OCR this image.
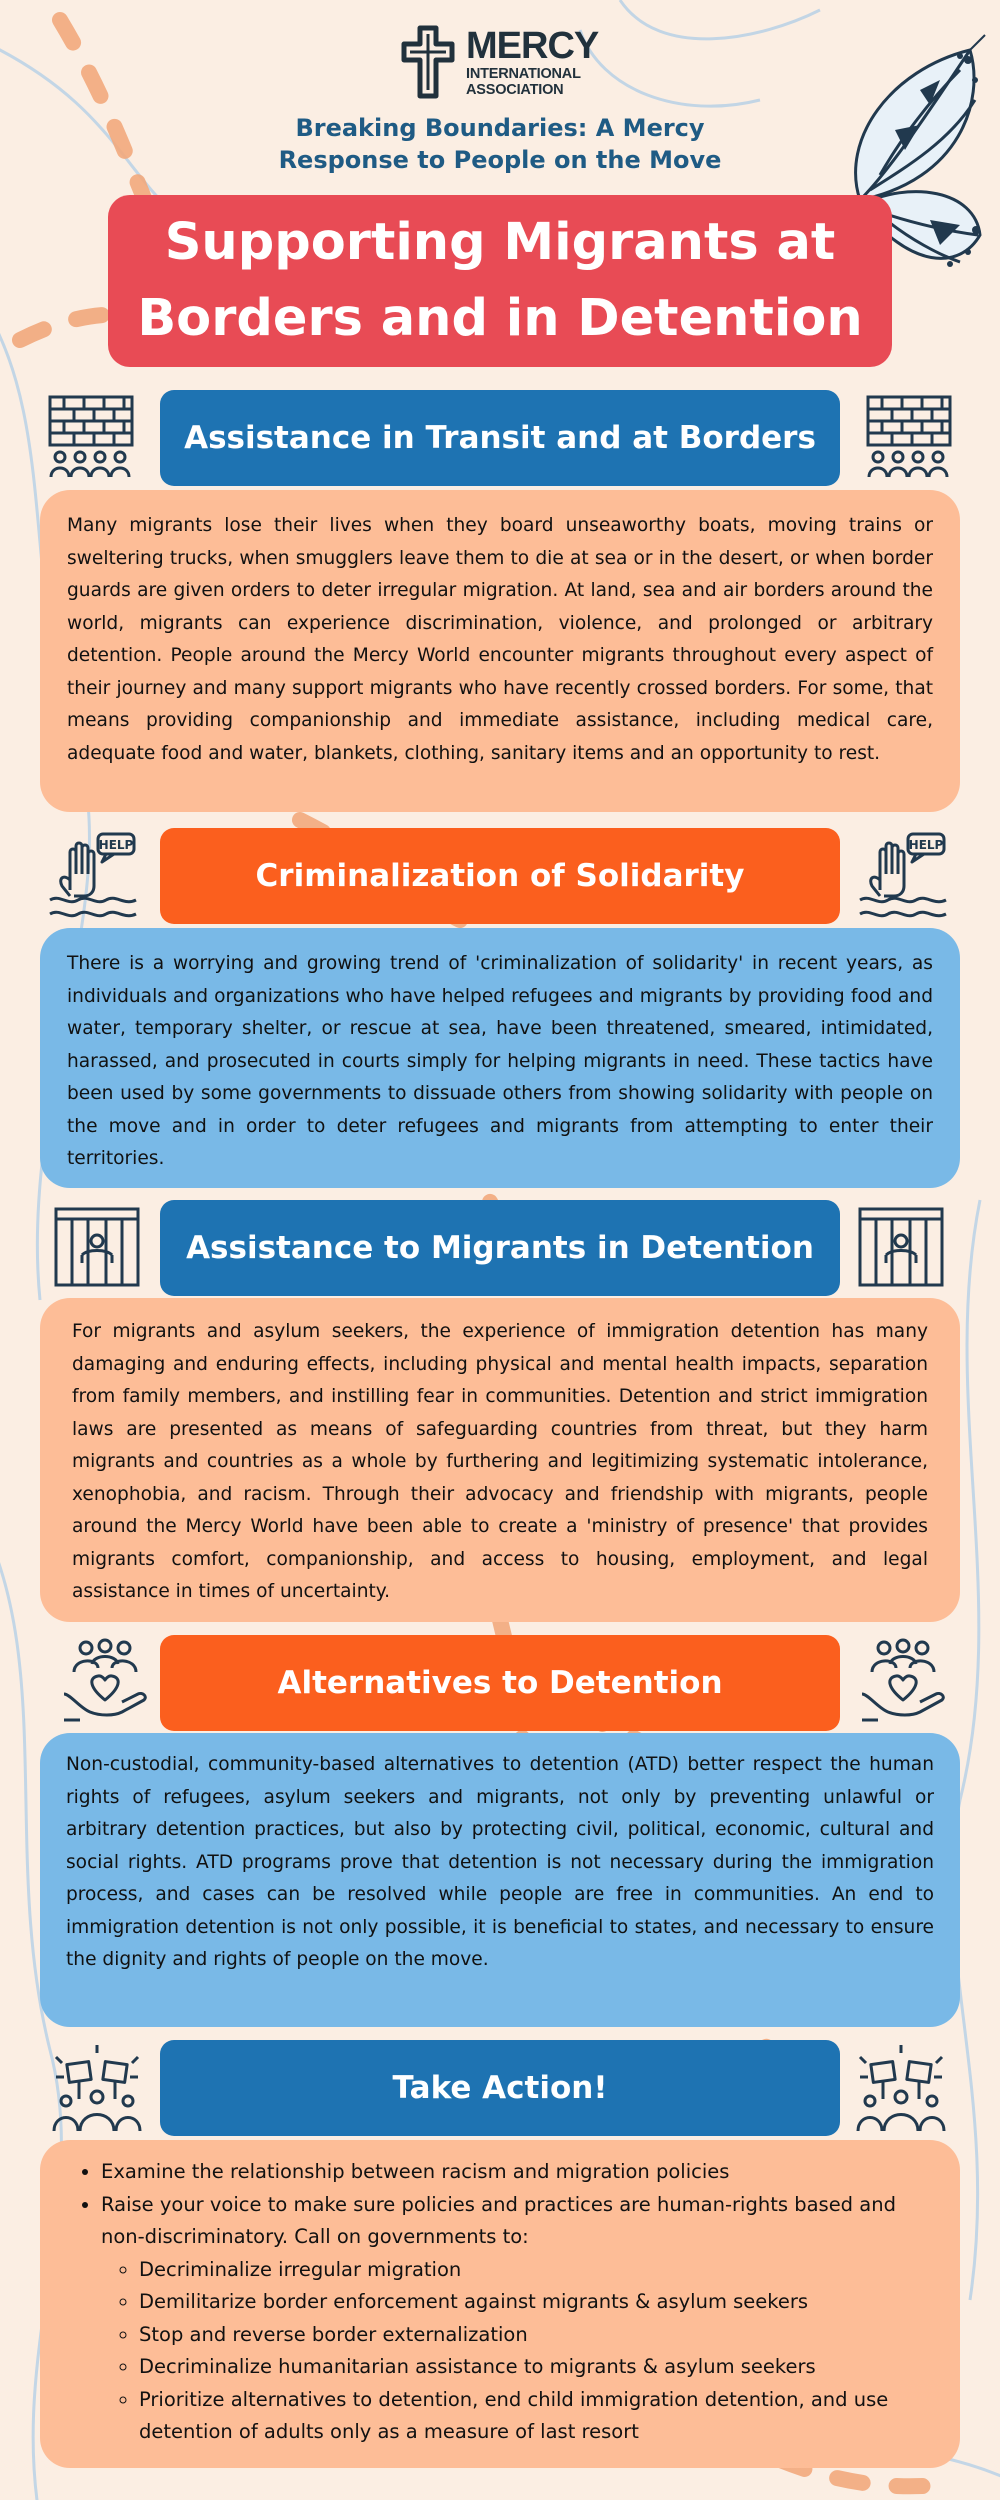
MERCY
INTERNATIONAL
ASSOCIATION
Breaking Boundaries: A Mercy Response to People on the Move
Supporting Migrants at Borders and in Detention
Assistance in Transit and at Borders
Many migrants lose their lives when they board unseaworthy boats, moving trains or sweltering trucks, when smugglers leave them to die at sea or in the desert, or when border guards are given orders to deter irregular migration. At land, sea and air borders around the world, migrants can experience discrimination, violence, and prolonged or arbitrary detention. People around the Mercy World encounter migrants throughout every aspect of their journey and many support migrants who have recently crossed borders. For some, that means providing companionship and immediate assistance, including medical care, adequate food and water, blankets, clothing, sanitary items and an opportunity to rest.
HELP	HELP
Criminalization of Solidarity
There is a worrying and growing trend of 'criminalization of solidarity' in recent years, as individuals and organizations who have helped refugees and migrants by providing food and water, temporary shelter, or rescue at sea, have been threatened, smeared, intimidated, harassed, and prosecuted in courts simply for helping migrants in need. These tactics have been used by some governments to dissuade others from showing solidarity with people on the move and in order to deter refugees and migrants from attempting to enter their territories.
Assistance to Migrants in Detention
For migrants and asylum seekers, the experience of immigration detention has many damaging and enduring effects, including physical and mental health impacts, separation from family members, and instilling fear in communities. Detention and strict immigration laws are presented as means of safeguarding countries from threat, but they harm migrants and countries as a whole by furthering and legitimizing systematic intolerance, xenophobia, and racism. Through their advocacy and friendship with migrants, people around the Mercy World have been able to create a 'ministry of presence' that provides migrants comfort, companionship, and access to housing, employment, and legal assistance in times of uncertainty.
Alternatives to Detention
Non-custodial, community-based alternatives to detention (ATD) better respect the human rights of refugees, asylum seekers and migrants, not only by preventing unlawful or arbitrary detention practices, but also by protecting civil, political, economic, cultural and social rights. ATD programs prove that detention is not necessary during the immigration process, and cases can be resolved while people are free in communities. An end to immigration detention is not only possible, it is beneficial to states, and necessary to ensure the dignity and rights of people on the move.
Take Action!
• Examine the relationship between racism and migration policies
• Raise your voice to make sure policies and practices are human-rights based and non-discriminatory. Call on governments to:
◦ Decriminalize irregular migration
◦ Demilitarize border enforcement against migrants & asylum seekers
◦ Stop and reverse border externalization
◦ Decriminalize humanitarian assistance to migrants & asylum seekers
◦ Prioritize alternatives to detention, end child immigration detention, and use detention of adults only as a measure of last resort
